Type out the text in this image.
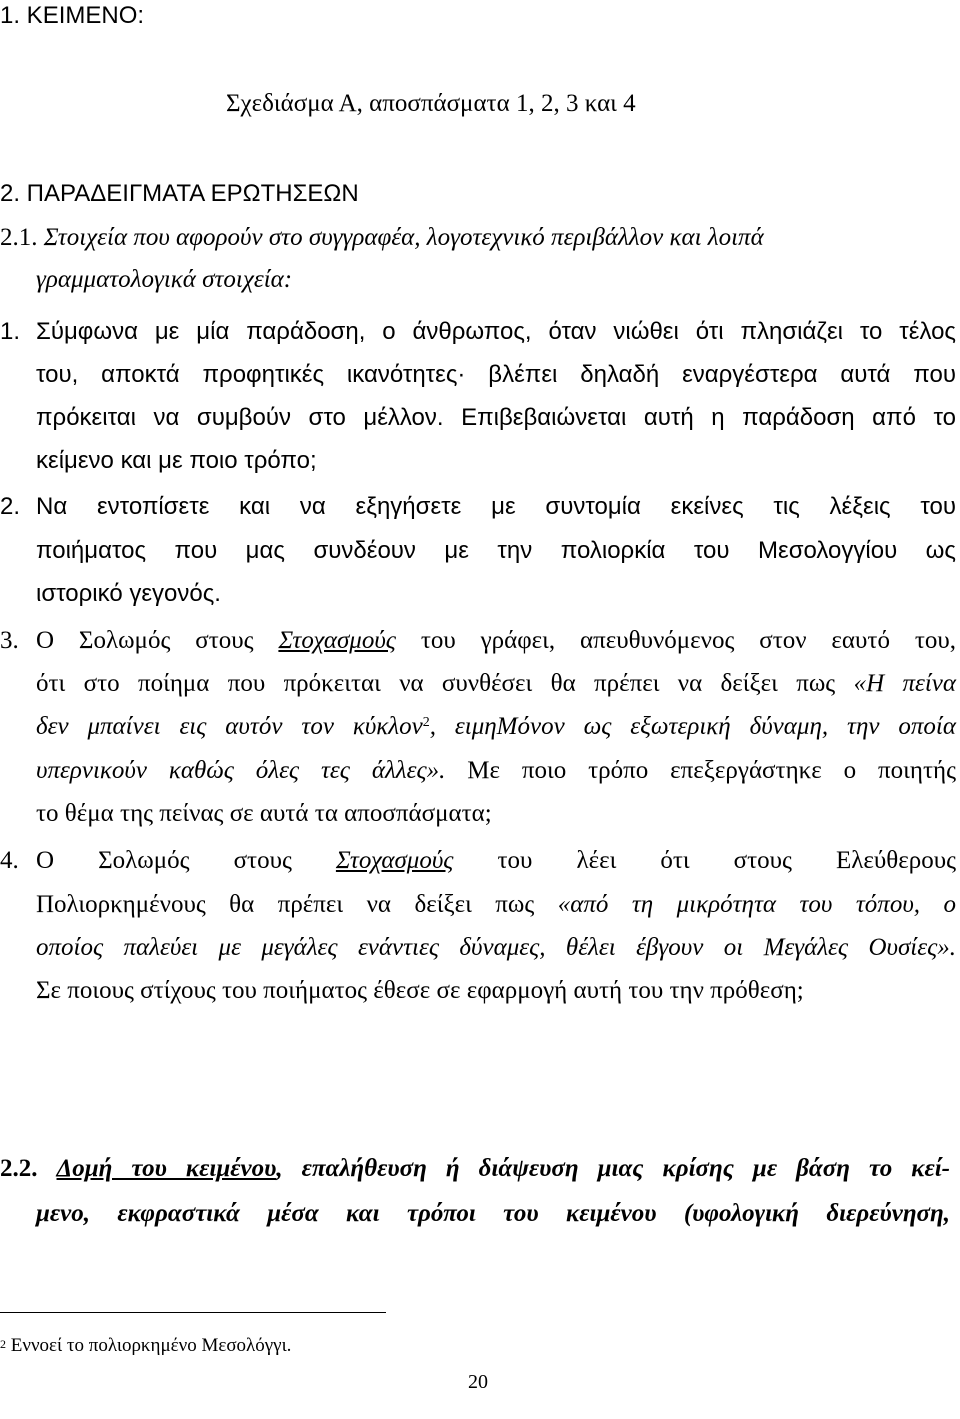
1. ΚΕΙΜΕΝΟ:
Σχεδιάσμα Α, αποσπάσματα 1, 2, 3 και 4
2. ΠΑΡΑΔΕΙΓΜΑΤΑ ΕΡΩΤΗΣΕΩΝ
2.1. Στοιχεία που αφορούν στο συγγραφέα, λογοτεχνικό περιβάλλον και λοιπά
γραμματολογικά στοιχεία:
1. Σύμφωνα με μία παράδοση, ο άνθρωπος, όταν νιώθει ότι πλησιάζει το τέλος
του, αποκτά προφητικές ικανότητες· βλέπει δηλαδή εναργέστερα αυτά που
πρόκειται να συμβούν στο μέλλον. Επιβεβαιώνεται αυτή η παράδοση από το
κείμενο και με ποιο τρόπο;
2. Να εντοπίσετε και να εξηγήσετε με συντομία εκείνες τις λέξεις του
ποιήματος που μας συνδέουν με την πολιορκία του Μεσολογγίου ως
ιστορικό γεγονός.
3. Ο Σολωμός στους Στοχασμούς του γράφει, απευθυνόμενος στον εαυτό του,
ότι στο ποίημα που πρόκειται να συνθέσει θα πρέπει να δείξει πως «Η πείνα
δεν μπαίνει εις αυτόν τον κύκλον$^2$, ειμηMόνον ως εξωτερική δύναμη, την οποία
υπερνικούν καθώς όλες τες άλλες». Με ποιο τρόπο επεξεργάστηκε ο ποιητής
το θέμα της πείνας σε αυτά τα αποσπάσματα;
4. Ο Σολωμός στους Στοχασμούς του λέει ότι στους Ελεύθερους
Πολιορκημένους θα πρέπει να δείξει πως «από τη μικρότητα του τόπου, ο
οποίος παλεύει με μεγάλες ενάντιες δύναμες, θέλει έβγουν οι Μεγάλες Ουσίες».
Σε ποιους στίχους του ποιήματος έθεσε σε εφαρμογή αυτή του την πρόθεση;
2.2. Δομή του κειμένου, επαλήθευση ή διάψευση μιας κρίσης με βάση το κεί-
μενο, εκφραστικά μέσα και τρόποι του κειμένου (υφολογική διερεύνηση,
$^2$ Εννοεί το πολιορκημένο Μεσολόγγι.
20
